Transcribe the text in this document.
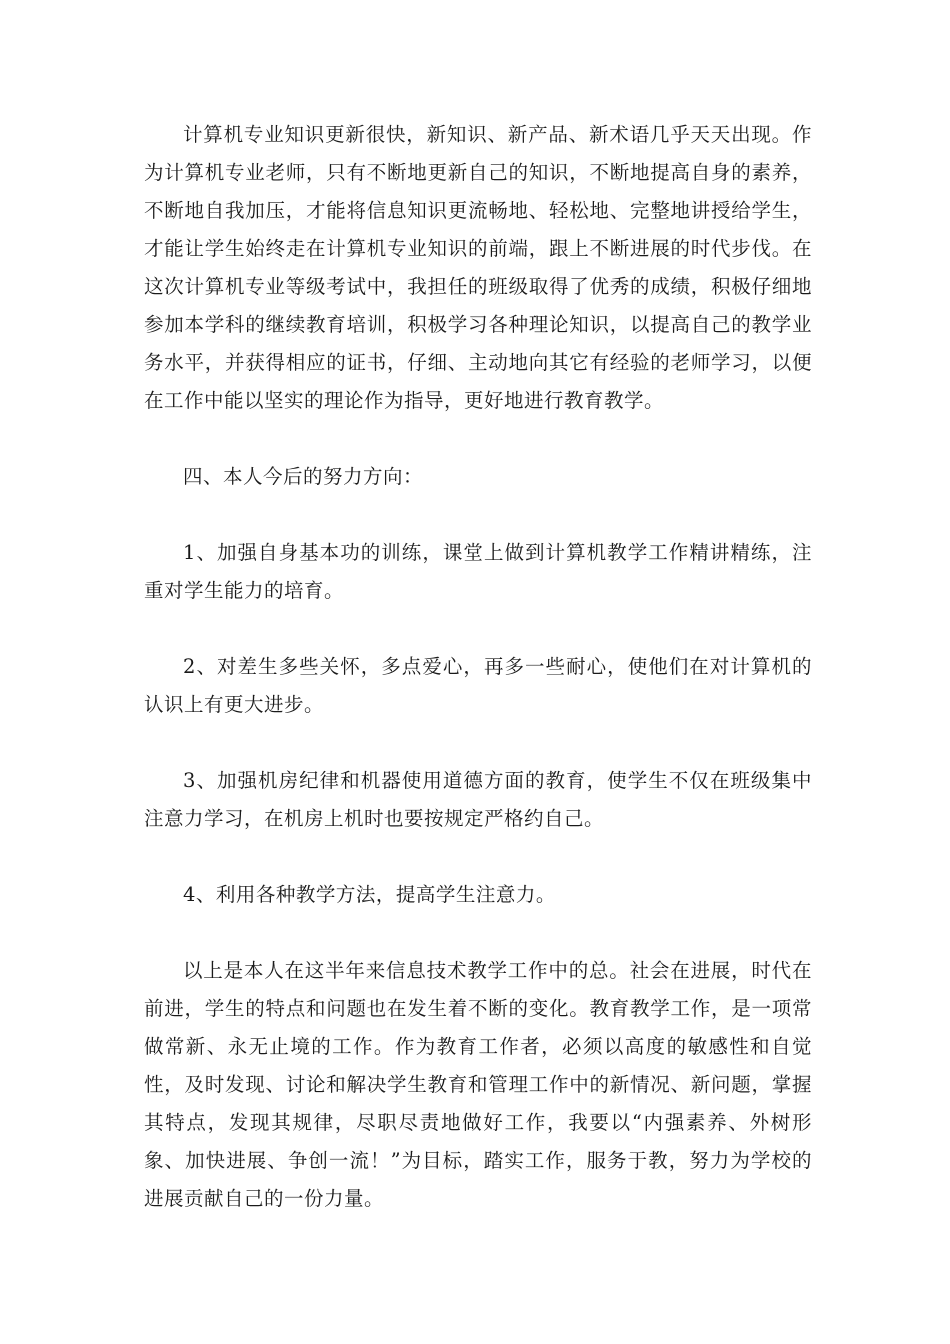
计算机专业知识更新很快，新知识、新产品、新术语几乎天天出现。作为计算机专业老师，只有不断地更新自己的知识，不断地提高自身的素养，不断地自我加压，才能将信息知识更流畅地、轻松地、完整地讲授给学生，才能让学生始终走在计算机专业知识的前端，跟上不断进展的时代步伐。在这次计算机专业等级考试中，我担任的班级取得了优秀的成绩，积极仔细地参加本学科的继续教育培训，积极学习各种理论知识，以提高自己的教学业务水平，并获得相应的证书，仔细、主动地向其它有经验的老师学习，以便在工作中能以坚实的理论作为指导，更好地进行教育教学。

四、本人今后的努力方向：

1、加强自身基本功的训练，课堂上做到计算机教学工作精讲精练，注重对学生能力的培育。

2、对差生多些关怀，多点爱心，再多一些耐心，使他们在对计算机的认识上有更大进步。

3、加强机房纪律和机器使用道德方面的教育，使学生不仅在班级集中注意力学习，在机房上机时也要按规定严格约自己。

4、利用各种教学方法，提高学生注意力。

以上是本人在这半年来信息技术教学工作中的总。社会在进展，时代在前进，学生的特点和问题也在发生着不断的变化。教育教学工作，是一项常做常新、永无止境的工作。作为教育工作者，必须以高度的敏感性和自觉性，及时发现、讨论和解决学生教育和管理工作中的新情况、新问题，掌握其特点，发现其规律，尽职尽责地做好工作，我要以“内强素养、外树形象、加快进展、争创一流！”为目标，踏实工作，服务于教，努力为学校的进展贡献自己的一份力量。
